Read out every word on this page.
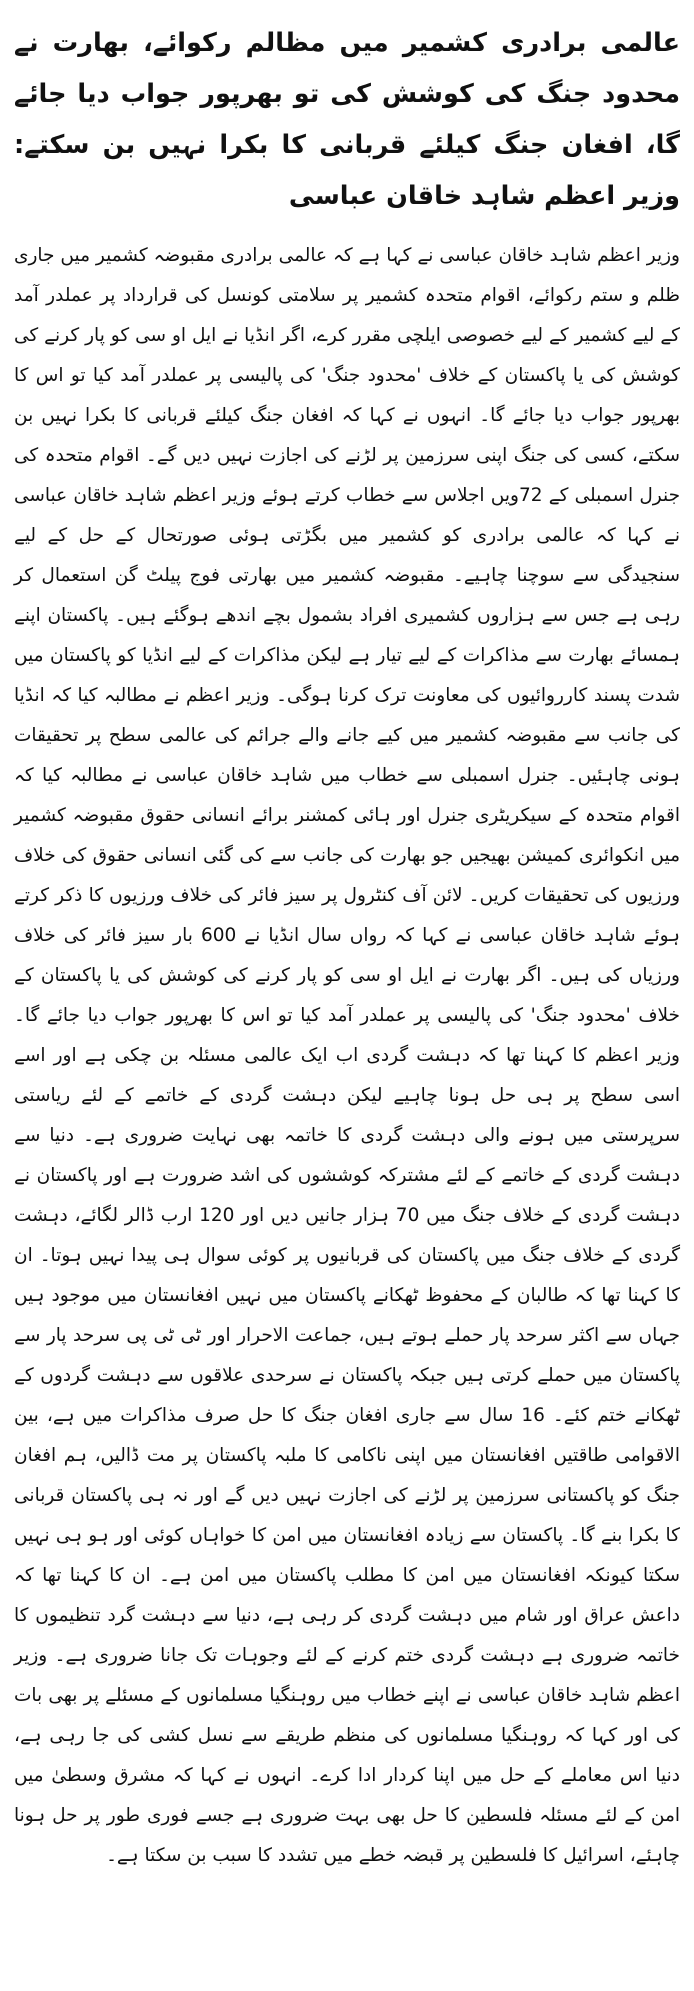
عالمی برادری کشمیر میں مظالم رکوائے، بھارت نے محدود جنگ کی کوشش کی تو بھرپور جواب دیا جائے گا، افغان جنگ کیلئے قربانی کا بکرا نہیں بن سکتے: وزیر اعظم شاہد خاقان عباسی

وزیر اعظم شاہد خاقان عباسی نے کہا ہے کہ عالمی برادری مقبوضہ کشمیر میں جاری ظلم و ستم رکوائے، اقوام متحدہ کشمیر پر سلامتی کونسل کی قرارداد پر عملدر آمد کے لیے کشمیر کے لیے خصوصی ایلچی مقرر کرے، اگر انڈیا نے ایل او سی کو پار کرنے کی کوشش کی یا پاکستان کے خلاف 'محدود جنگ' کی پالیسی پر عملدر آمد کیا تو اس کا بھرپور جواب دیا جائے گا۔ انہوں نے کہا کہ افغان جنگ کیلئے قربانی کا بکرا نہیں بن سکتے، کسی کی جنگ اپنی سرزمین پر لڑنے کی اجازت نہیں دیں گے۔ اقوام متحدہ کی جنرل اسمبلی کے 72ویں اجلاس سے خطاب کرتے ہوئے وزیر اعظم شاہد خاقان عباسی نے کہا کہ عالمی برادری کو کشمیر میں بگڑتی ہوئی صورتحال کے حل کے لیے سنجیدگی سے سوچنا چاہیے۔ مقبوضہ کشمیر میں بھارتی فوج پیلٹ گن استعمال کر رہی ہے جس سے ہزاروں کشمیری افراد بشمول بچے اندھے ہوگئے ہیں۔ پاکستان اپنے ہمسائے بھارت سے مذاکرات کے لیے تیار ہے لیکن مذاکرات کے لیے انڈیا کو پاکستان میں شدت پسند کارروائیوں کی معاونت ترک کرنا ہوگی۔ وزیر اعظم نے مطالبہ کیا کہ انڈیا کی جانب سے مقبوضہ کشمیر میں کیے جانے والے جرائم کی عالمی سطح پر تحقیقات ہونی چاہئیں۔ جنرل اسمبلی سے خطاب میں شاہد خاقان عباسی نے مطالبہ کیا کہ اقوام متحدہ کے سیکریٹری جنرل اور ہائی کمشنر برائے انسانی حقوق مقبوضہ کشمیر میں انکوائری کمیشن بھیجیں جو بھارت کی جانب سے کی گئی انسانی حقوق کی خلاف ورزیوں کی تحقیقات کریں۔ لائن آف کنٹرول پر سیز فائر کی خلاف ورزیوں کا ذکر کرتے ہوئے شاہد خاقان عباسی نے کہا کہ رواں سال انڈیا نے 600 بار سیز فائر کی خلاف ورزیاں کی ہیں۔ اگر بھارت نے ایل او سی کو پار کرنے کی کوشش کی یا پاکستان کے خلاف 'محدود جنگ' کی پالیسی پر عملدر آمد کیا تو اس کا بھرپور جواب دیا جائے گا۔ وزیر اعظم کا کہنا تھا کہ دہشت گردی اب ایک عالمی مسئلہ بن چکی ہے اور اسے اسی سطح پر ہی حل ہونا چاہیے لیکن دہشت گردی کے خاتمے کے لئے ریاستی سرپرستی میں ہونے والی دہشت گردی کا خاتمہ بھی نہایت ضروری ہے۔ دنیا سے دہشت گردی کے خاتمے کے لئے مشترکہ کوششوں کی اشد ضرورت ہے اور پاکستان نے دہشت گردی کے خلاف جنگ میں 70 ہزار جانیں دیں اور 120 ارب ڈالر لگائے، دہشت گردی کے خلاف جنگ میں پاکستان کی قربانیوں پر کوئی سوال ہی پیدا نہیں ہوتا۔ ان کا کہنا تھا کہ طالبان کے محفوظ ٹھکانے پاکستان میں نہیں افغانستان میں موجود ہیں جہاں سے اکثر سرحد پار حملے ہوتے ہیں، جماعت الاحرار اور ٹی ٹی پی سرحد پار سے پاکستان میں حملے کرتی ہیں جبکہ پاکستان نے سرحدی علاقوں سے دہشت گردوں کے ٹھکانے ختم کئے۔ 16 سال سے جاری افغان جنگ کا حل صرف مذاکرات میں ہے، بین الاقوامی طاقتیں افغانستان میں اپنی ناکامی کا ملبہ پاکستان پر مت ڈالیں، ہم افغان جنگ کو پاکستانی سرزمین پر لڑنے کی اجازت نہیں دیں گے اور نہ ہی پاکستان قربانی کا بکرا بنے گا۔ پاکستان سے زیادہ افغانستان میں امن کا خواہاں کوئی اور ہو ہی نہیں سکتا کیونکہ افغانستان میں امن کا مطلب پاکستان میں امن ہے۔ ان کا کہنا تھا کہ داعش عراق اور شام میں دہشت گردی کر رہی ہے، دنیا سے دہشت گرد تنظیموں کا خاتمہ ضروری ہے دہشت گردی ختم کرنے کے لئے وجوہات تک جانا ضروری ہے۔ وزیر اعظم شاہد خاقان عباسی نے اپنے خطاب میں روہنگیا مسلمانوں کے مسئلے پر بھی بات کی اور کہا کہ روہنگیا مسلمانوں کی منظم طریقے سے نسل کشی کی جا رہی ہے، دنیا اس معاملے کے حل میں اپنا کردار ادا کرے۔ انہوں نے کہا کہ مشرق وسطیٰ میں امن کے لئے مسئلہ فلسطین کا حل بھی بہت ضروری ہے جسے فوری طور پر حل ہونا چاہئے، اسرائیل کا فلسطین پر قبضہ خطے میں تشدد کا سبب بن سکتا ہے۔
